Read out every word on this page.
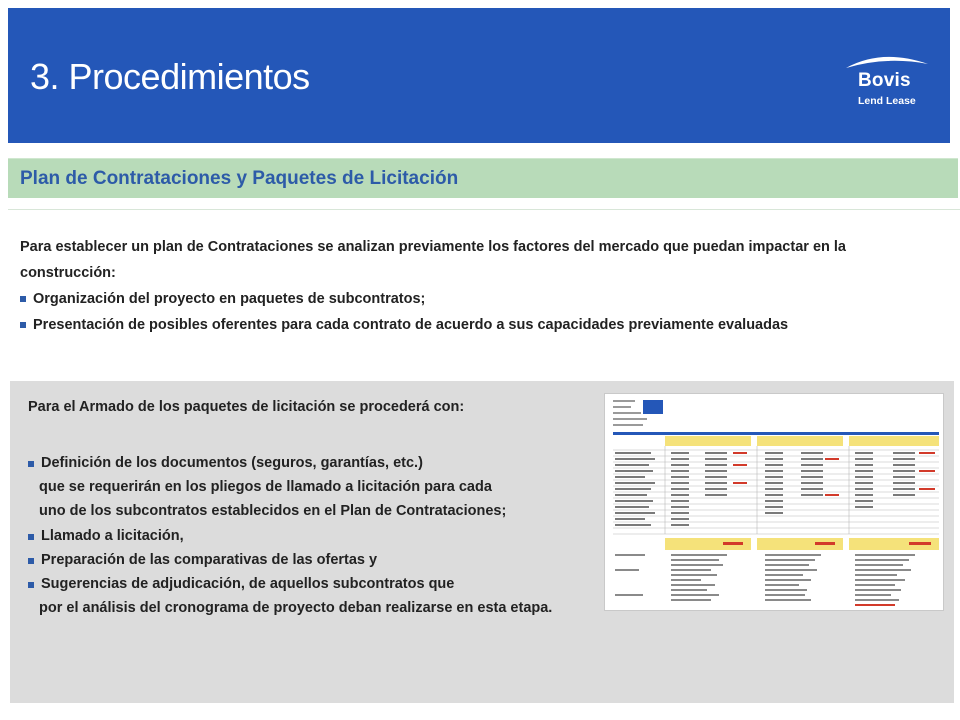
3. Procedimientos	Bovis
Lend Lease
Plan de Contrataciones y Paquetes de Licitación
Para establecer un plan de Contrataciones se analizan previamente los factores del mercado que puedan impactar en la
construcción:
Organización del proyecto en paquetes de subcontratos;
Presentación de posibles oferentes para cada contrato de acuerdo a sus capacidades previamente evaluadas
Para el Armado de los paquetes de licitación se procederá con:
Definición de los documentos (seguros, garantías, etc.)
que se requerirán en los pliegos de llamado a licitación para cada
uno de los subcontratos establecidos en el Plan de Contrataciones;
Llamado a licitación,
Preparación de las comparativas de las ofertas y
Sugerencias de adjudicación, de aquellos subcontratos que
por el análisis del cronograma de proyecto deban realizarse en esta etapa.
